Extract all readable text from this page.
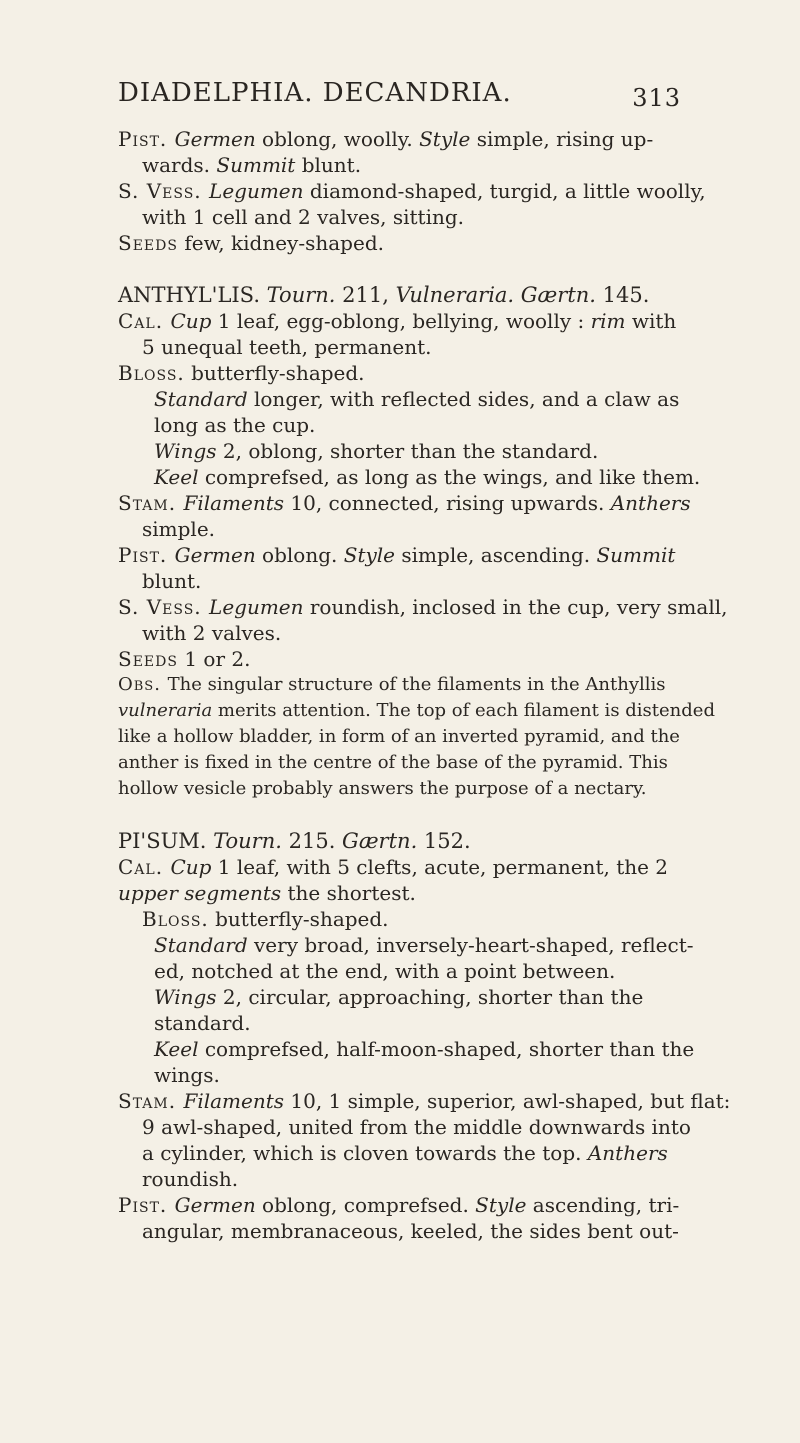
DIADELPHIA. DECANDRIA.	313
Pist. Germen oblong, woolly. Style simple, rising up-
wards. Summit blunt.
S. Vess. Legumen diamond-shaped, turgid, a little woolly,
with 1 cell and 2 valves, sitting.
Seeds few, kidney-shaped.
ANTHYL'LIS. Tourn. 211, Vulneraria. Gærtn. 145.
Cal. Cup 1 leaf, egg-oblong, bellying, woolly : rim with
5 unequal teeth, permanent.
Bloss. butterfly-shaped.
Standard longer, with reflected sides, and a claw as
long as the cup.
Wings 2, oblong, shorter than the standard.
Keel comprefsed, as long as the wings, and like them.
Stam. Filaments 10, connected, rising upwards. Anthers
simple.
Pist. Germen oblong. Style simple, ascending. Summit
blunt.
S. Vess. Legumen roundish, inclosed in the cup, very small,
with 2 valves.
Seeds 1 or 2.
Obs. The singular structure of the filaments in the Anthyllis
vulneraria merits attention. The top of each filament is distended
like a hollow bladder, in form of an inverted pyramid, and the
anther is fixed in the centre of the base of the pyramid. This
hollow vesicle probably answers the purpose of a nectary.
PI'SUM. Tourn. 215. Gærtn. 152.
Cal. Cup 1 leaf, with 5 clefts, acute, permanent, the 2
upper segments the shortest.
Bloss. butterfly-shaped.
Standard very broad, inversely-heart-shaped, reflect-
ed, notched at the end, with a point between.
Wings 2, circular, approaching, shorter than the
standard.
Keel comprefsed, half-moon-shaped, shorter than the
wings.
Stam. Filaments 10, 1 simple, superior, awl-shaped, but flat:
9 awl-shaped, united from the middle downwards into
a cylinder, which is cloven towards the top. Anthers
roundish.
Pist. Germen oblong, comprefsed. Style ascending, tri-
angular, membranaceous, keeled, the sides bent out-
